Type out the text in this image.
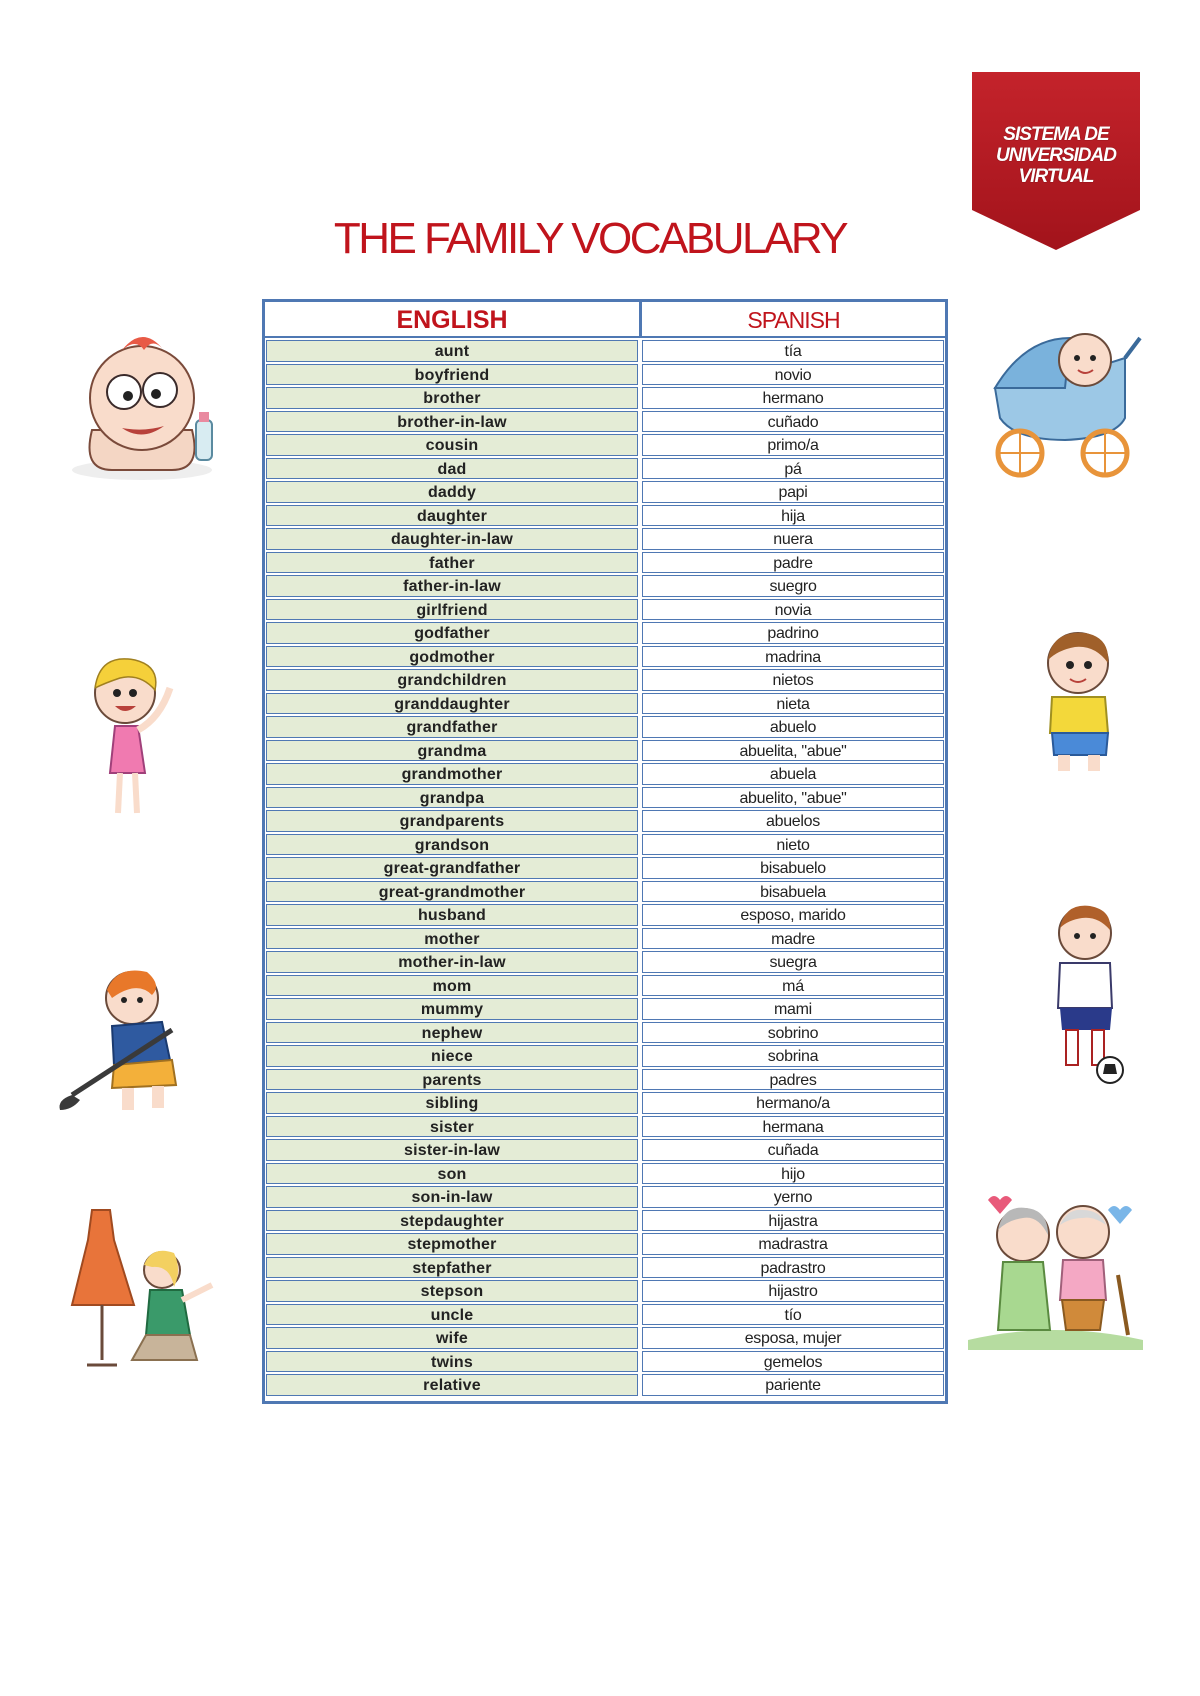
SISTEMA DE
UNIVERSIDAD
VIRTUAL
THE FAMILY VOCABULARY
ENGLISH	SPANISH
aunt	tía
boyfriend	novio
brother	hermano
brother-in-law	cuñado
cousin	primo/a
dad	pá
daddy	papi
daughter	hija
daughter-in-law	nuera
father	padre
father-in-law	suegro
girlfriend	novia
godfather	padrino
godmother	madrina
grandchildren	nietos
granddaughter	nieta
grandfather	abuelo
grandma	abuelita, "abue"
grandmother	abuela
grandpa	abuelito, "abue"
grandparents	abuelos
grandson	nieto
great-grandfather	bisabuelo
great-grandmother	bisabuela
husband	esposo, marido
mother	madre
mother-in-law	suegra
mom	má
mummy	mami
nephew	sobrino
niece	sobrina
parents	padres
sibling	hermano/a
sister	hermana
sister-in-law	cuñada
son	hijo
son-in-law	yerno
stepdaughter	hijastra
stepmother	madrastra
stepfather	padrastro
stepson	hijastro
uncle	tío
wife	esposa, mujer
twins	gemelos
relative	pariente
